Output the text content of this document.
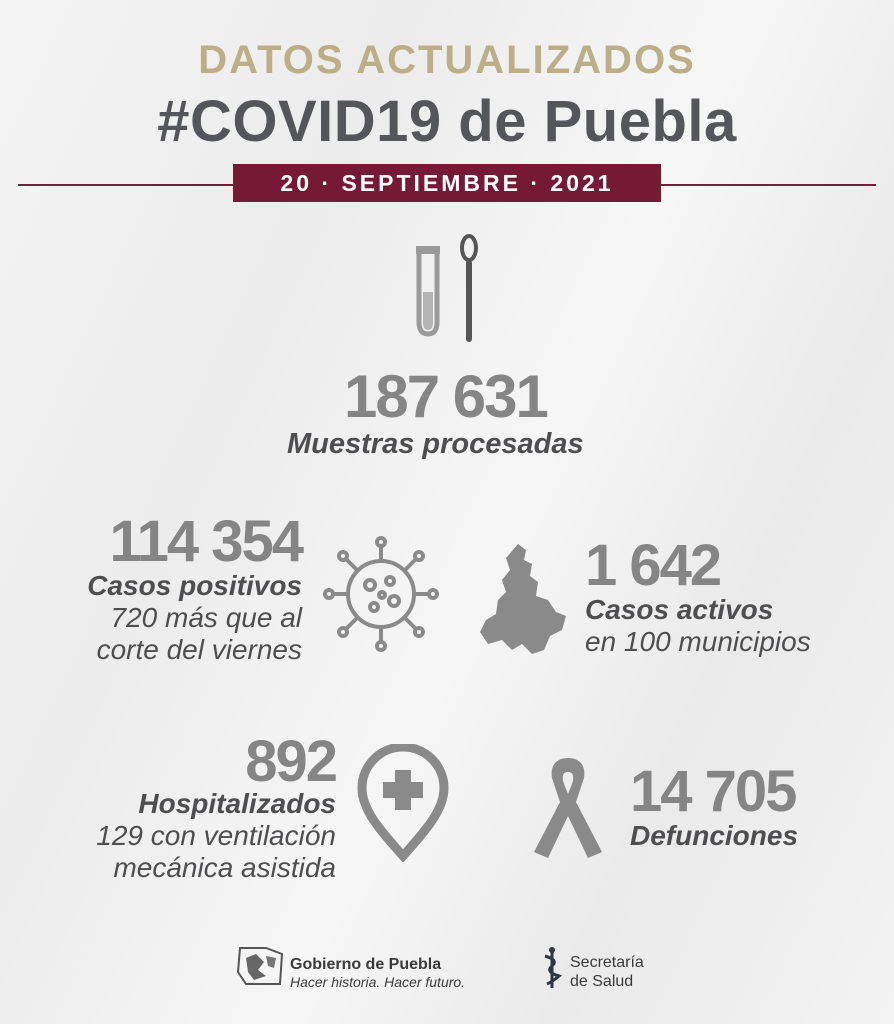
DATOS ACTUALIZADOS
#COVID19 de Puebla
20 · SEPTIEMBRE · 2021
187 631
Muestras procesadas
114 354
Casos positivos
720 más que al
corte del viernes
1 642
Casos activos
en 100 municipios
892
Hospitalizados
129 con ventilación
mecánica asistida
14 705
Defunciones
Gobierno de Puebla
Hacer historia. Hacer futuro.
Secretaría
de Salud
